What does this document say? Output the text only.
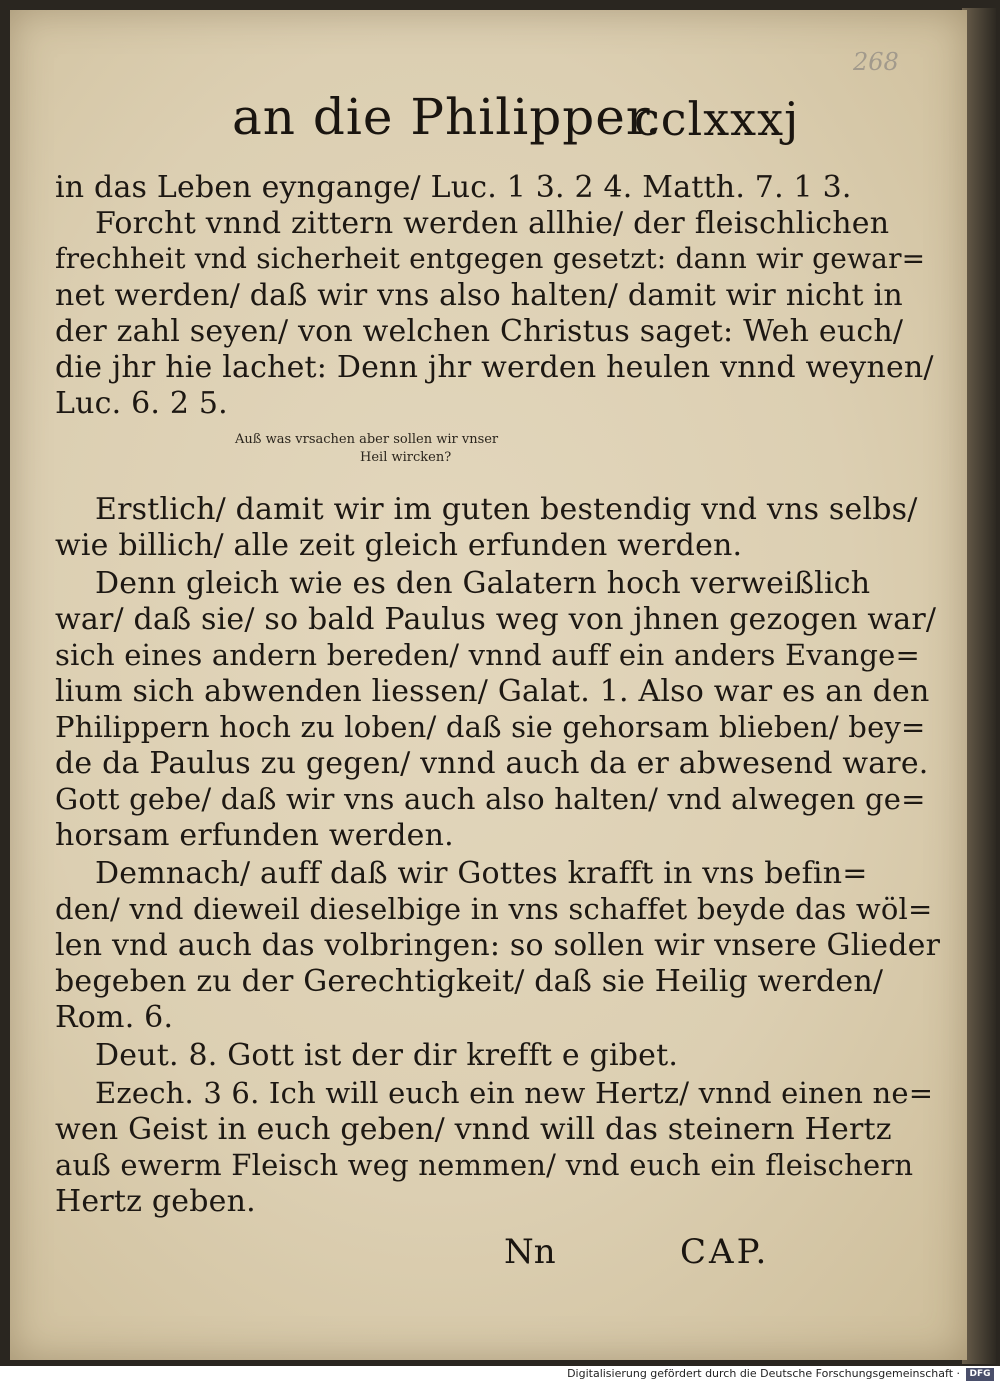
268
an die Philipper.
cclxxxj
in das Leben eyngange/ Luc. 1 3. 2 4. Matth. 7. 1 3.
Forcht vnnd zittern werden allhie/ der fleischlichen
frechheit vnd sicherheit entgegen gesetzt: dann wir gewar=
net werden/ daß wir vns also halten/ damit wir nicht in
der zahl seyen/ von welchen Christus saget: Weh euch/
die jhr hie lachet: Denn jhr werden heulen vnnd weynen/
Luc. 6. 2 5.
Auß was vrsachen aber sollen wir vnser
Heil wircken?
Erstlich/ damit wir im guten bestendig vnd vns selbs/
wie billich/ alle zeit gleich erfunden werden.
Denn gleich wie es den Galatern hoch verweißlich
war/ daß sie/ so bald Paulus weg von jhnen gezogen war/
sich eines andern bereden/ vnnd auff ein anders Evange=
lium sich abwenden liessen/ Galat. 1. Also war es an den
Philippern hoch zu loben/ daß sie gehorsam blieben/ bey=
de da Paulus zu gegen/ vnnd auch da er abwesend ware.
Gott gebe/ daß wir vns auch also halten/ vnd alwegen ge=
horsam erfunden werden.
Demnach/ auff daß wir Gottes krafft in vns befin=
den/ vnd dieweil dieselbige in vns schaffet beyde das wöl=
len vnd auch das volbringen: so sollen wir vnsere Glieder
begeben zu der Gerechtigkeit/ daß sie Heilig werden/
Rom. 6.
Deut. 8. Gott ist der dir krefft e gibet.
Ezech. 3 6. Ich will euch ein new Hertz/ vnnd einen ne=
wen Geist in euch geben/ vnnd will das steinern Hertz
auß ewerm Fleisch weg nemmen/ vnd euch ein fleischern
Hertz geben.
Nn	CAP.
Digitalisierung gefördert durch die Deutsche Forschungsgemeinschaft ·	DFG
